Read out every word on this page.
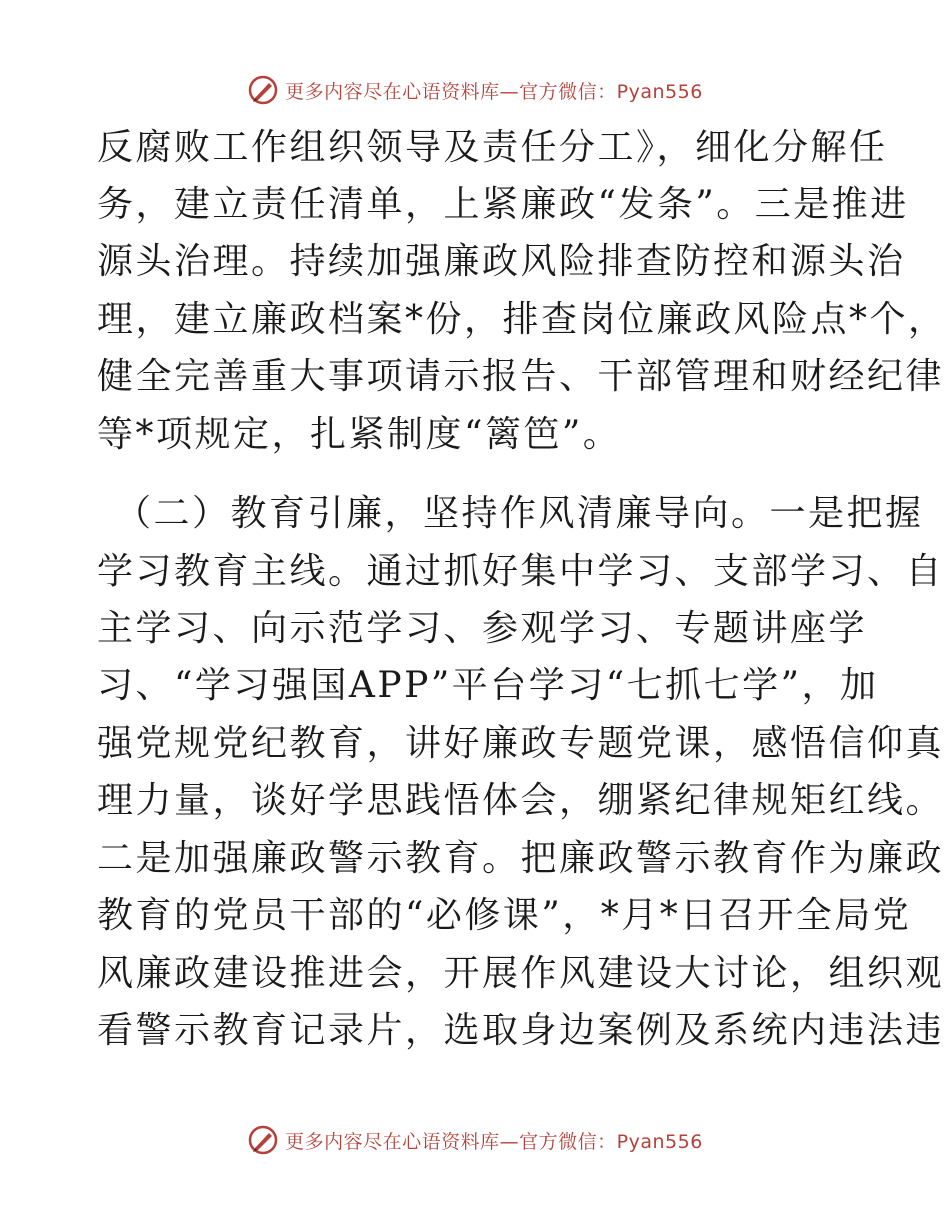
更多内容尽在心语资料库—官方微信：Pyan556
反腐败工作组织领导及责任分工》，细化分解任
务，建立责任清单，上紧廉政“发条”。三是推进
源头治理。持续加强廉政风险排查防控和源头治
理，建立廉政档案*份，排查岗位廉政风险点*个，
健全完善重大事项请示报告、干部管理和财经纪律
等*项规定，扎紧制度“篱笆”。
（二）教育引廉，坚持作风清廉导向。一是把握
学习教育主线。通过抓好集中学习、支部学习、自
主学习、向示范学习、参观学习、专题讲座学
习、“学习强国APP”平台学习“七抓七学”，加
强党规党纪教育，讲好廉政专题党课，感悟信仰真
理力量，谈好学思践悟体会，绷紧纪律规矩红线。
二是加强廉政警示教育。把廉政警示教育作为廉政
教育的党员干部的“必修课”，*月*日召开全局党
风廉政建设推进会，开展作风建设大讨论，组织观
看警示教育记录片，选取身边案例及系统内违法违
更多内容尽在心语资料库—官方微信：Pyan556
